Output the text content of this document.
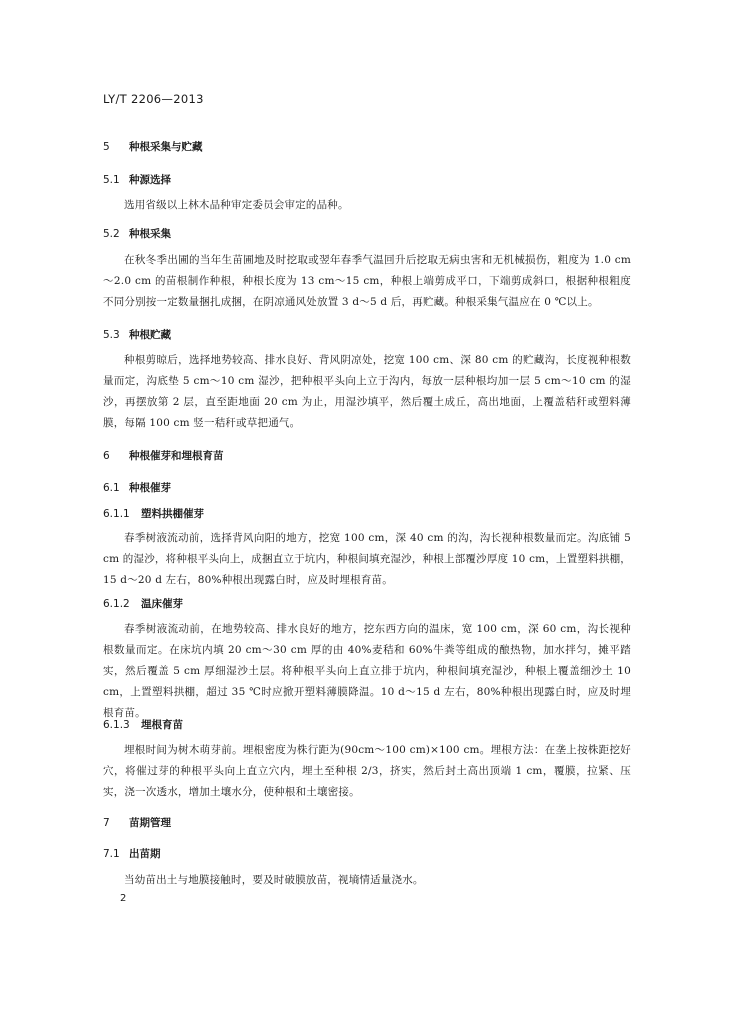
LY/T 2206—2013
5 种根采集与贮藏
5.1 种源选择
选用省级以上林木品种审定委员会审定的品种。
5.2 种根采集
在秋冬季出圃的当年生苗圃地及时挖取或翌年春季气温回升后挖取无病虫害和无机械损伤，粗度为 1.0 cm～2.0 cm 的苗根制作种根，种根长度为 13 cm～15 cm，种根上端剪成平口，下端剪成斜口，根据种根粗度不同分别按一定数量捆扎成捆，在阴凉通风处放置 3 d～5 d 后，再贮藏。种根采集气温应在 0 ℃以上。
5.3 种根贮藏
种根剪晾后，选择地势较高、排水良好、背风阴凉处，挖宽 100 cm、深 80 cm 的贮藏沟，长度视种根数量而定，沟底垫 5 cm～10 cm 湿沙，把种根平头向上立于沟内，每放一层种根均加一层 5 cm～10 cm 的湿沙，再摆放第 2 层，直至距地面 20 cm 为止，用湿沙填平，然后覆土成丘，高出地面，上覆盖秸秆或塑料薄膜，每隔 100 cm 竖一秸秆或草把通气。
6 种根催芽和埋根育苗
6.1 种根催芽
6.1.1 塑料拱棚催芽
春季树液流动前，选择背风向阳的地方，挖宽 100 cm，深 40 cm 的沟，沟长视种根数量而定。沟底铺 5 cm 的湿沙，将种根平头向上，成捆直立于坑内，种根间填充湿沙，种根上部覆沙厚度 10 cm，上置塑料拱棚，15 d～20 d 左右，80%种根出现露白时，应及时埋根育苗。
6.1.2 温床催芽
春季树液流动前，在地势较高、排水良好的地方，挖东西方向的温床，宽 100 cm，深 60 cm，沟长视种根数量而定。在床坑内填 20 cm～30 cm 厚的由 40%麦秸和 60%牛粪等组成的酿热物，加水拌匀，摊平踏实，然后覆盖 5 cm 厚细湿沙土层。将种根平头向上直立排于坑内，种根间填充湿沙，种根上覆盖细沙土 10 cm，上置塑料拱棚，超过 35 ℃时应掀开塑料薄膜降温。10 d～15 d 左右，80%种根出现露白时，应及时埋根育苗。
6.1.3 埋根育苗
埋根时间为树木萌芽前。埋根密度为株行距为(90cm～100 cm)×100 cm。埋根方法：在垄上按株距挖好穴，将催过芽的种根平头向上直立穴内，埋土至种根 2/3，挤实，然后封土高出顶端 1 cm，覆膜，拉紧、压实，浇一次透水，增加土壤水分，使种根和土壤密接。
7 苗期管理
7.1 出苗期
当幼苗出土与地膜接触时，要及时破膜放苗，视墒情适量浇水。
2
